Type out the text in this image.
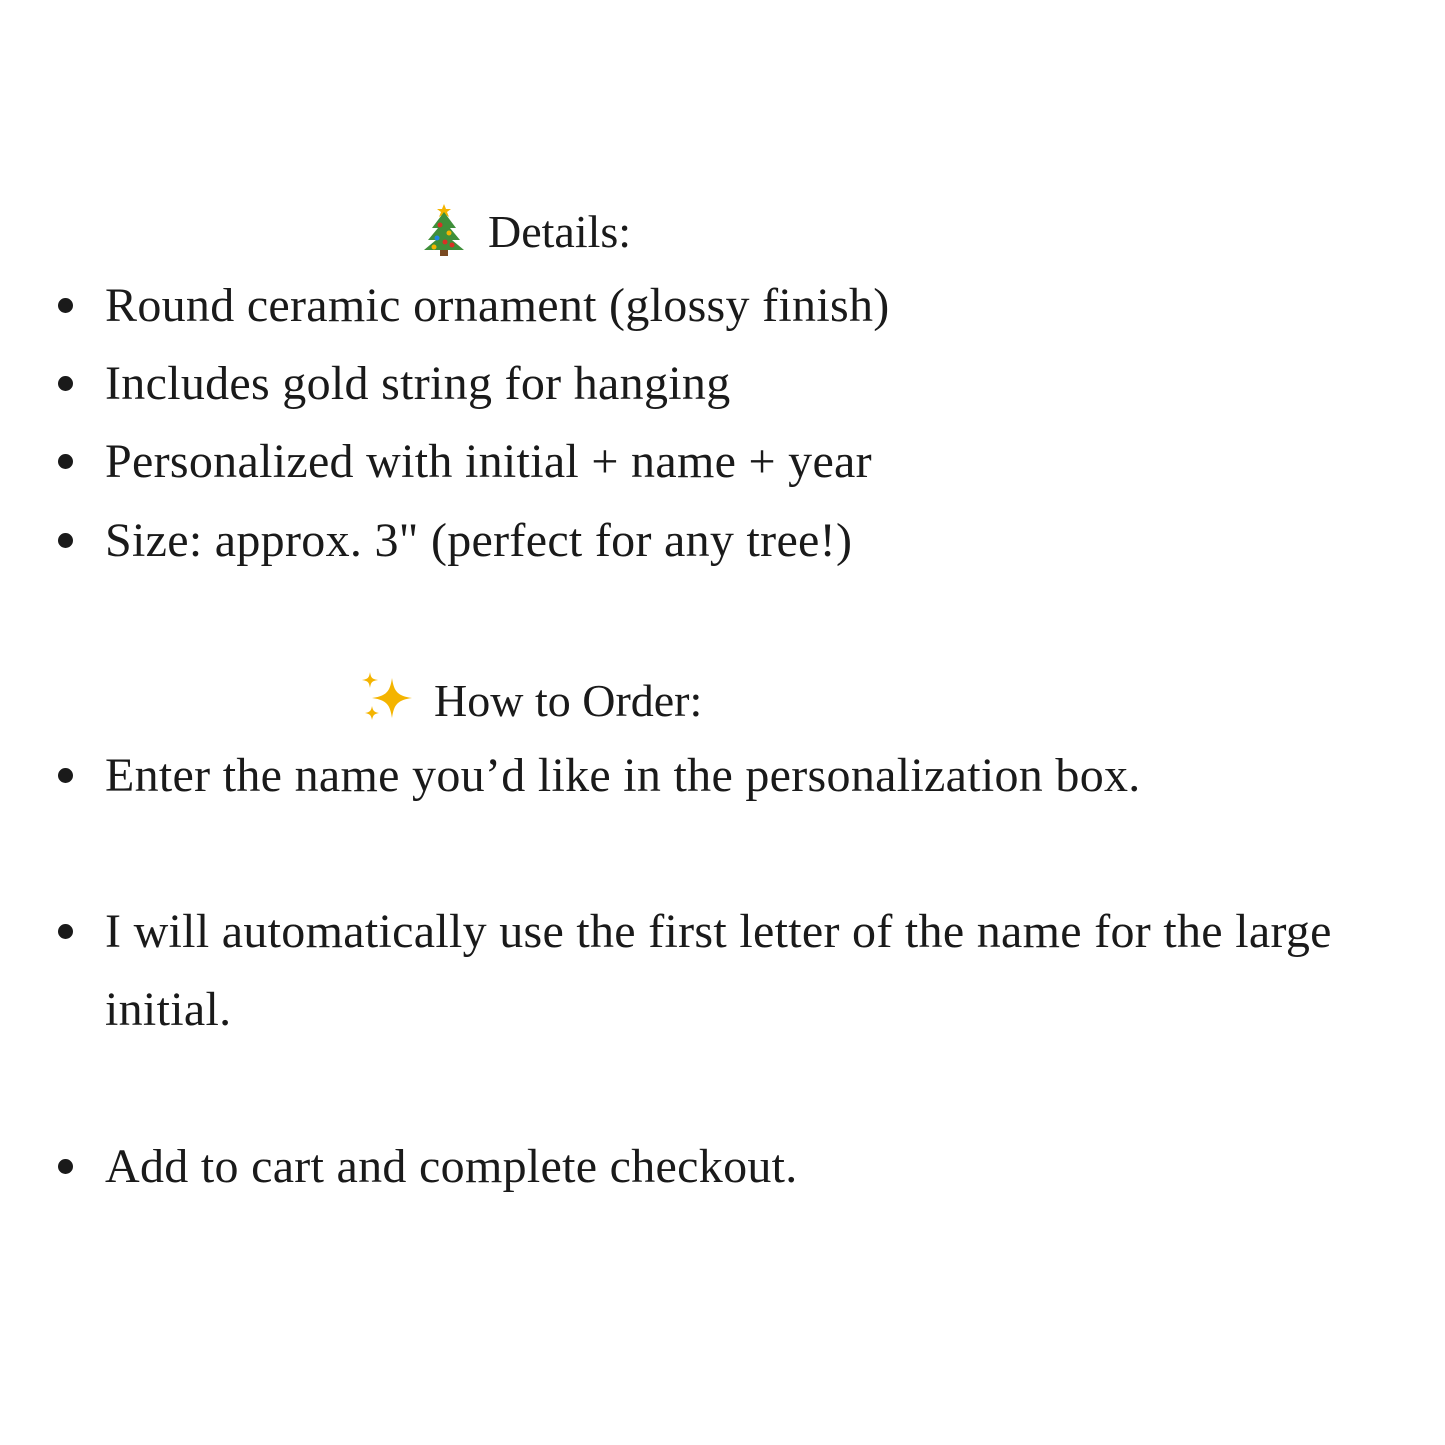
Details:
Round ceramic ornament (glossy finish)
Includes gold string for hanging
Personalized with initial + name + year
Size: approx. 3" (perfect for any tree!)
How to Order:
Enter the name you’d like in the personalization box.
I will automatically use the first letter of the name for the large initial.
Add to cart and complete checkout.
